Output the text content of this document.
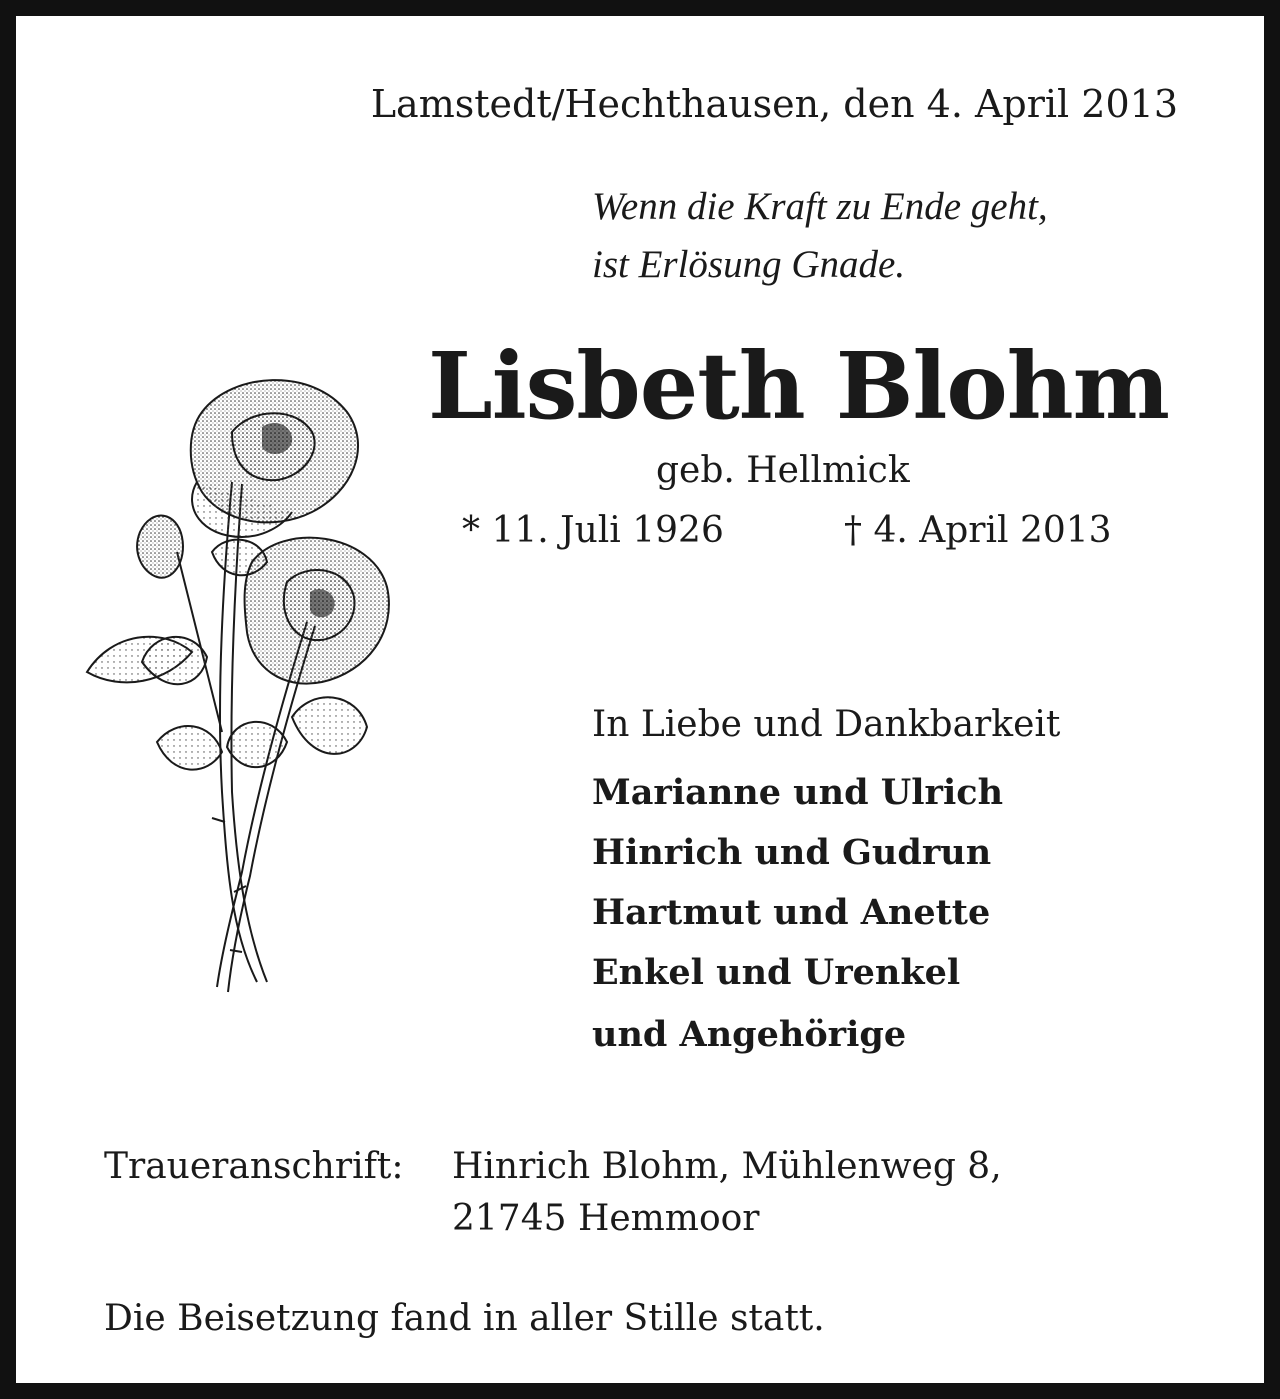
Lamstedt/Hechthausen, den 4. April 2013
Wenn die Kraft zu Ende geht,
ist Erlösung Gnade.
Lisbeth Blohm
geb. Hellmick
* 11. Juli 1926	† 4. April 2013
In Liebe und Dankbarkeit
Marianne und Ulrich
Hinrich und Gudrun
Hartmut und Anette
Enkel und Urenkel
und Angehörige
Traueranschrift: Hinrich Blohm, Mühlenweg 8,
21745 Hemmoor
Die Beisetzung fand in aller Stille statt.
